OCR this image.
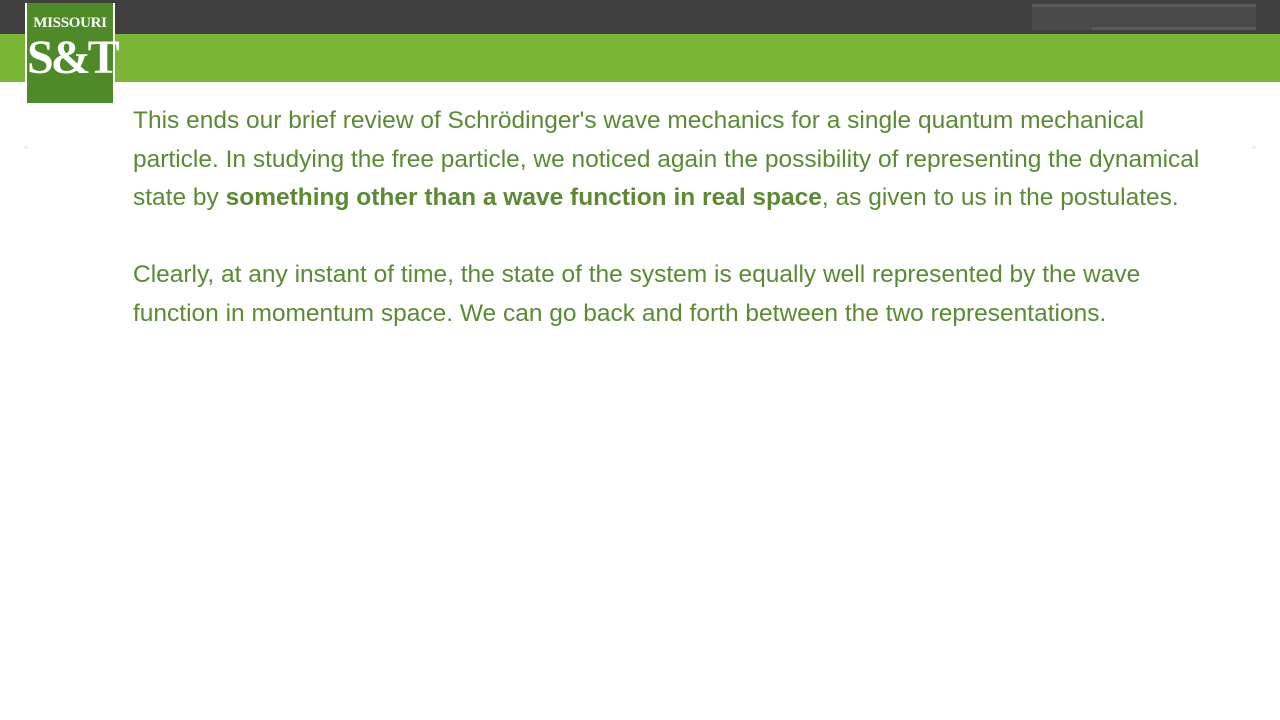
MISSOURI
S&T

This ends our brief review of Schrödinger's wave mechanics for a single quantum mechanical particle. In studying the free particle, we noticed again the possibility of representing the dynamical state by something other than a wave function in real space, as given to us in the postulates.

Clearly, at any instant of time, the state of the system is equally well represented by the wave function in momentum space. We can go back and forth between the two representations.
